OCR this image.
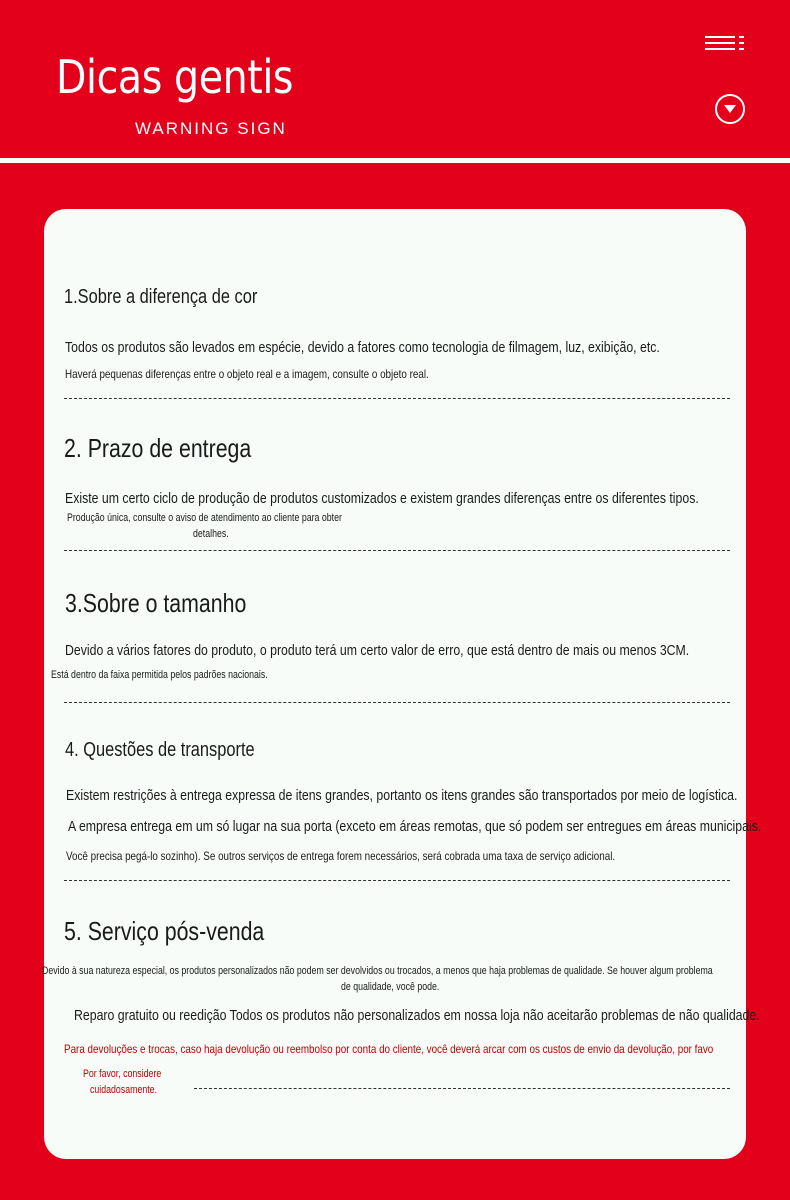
Dicas gentis
WARNING SIGN
1.Sobre a diferença de cor
Todos os produtos são levados em espécie, devido a fatores como tecnologia de filmagem, luz, exibição, etc.
Haverá pequenas diferenças entre o objeto real e a imagem, consulte o objeto real.
2. Prazo de entrega
Existe um certo ciclo de produção de produtos customizados e existem grandes diferenças entre os diferentes tipos.
Produção única, consulte o aviso de atendimento ao cliente para obter
detalhes.
3.Sobre o tamanho
Devido a vários fatores do produto, o produto terá um certo valor de erro, que está dentro de mais ou menos 3CM.
Está dentro da faixa permitida pelos padrões nacionais.
4. Questões de transporte
Existem restrições à entrega expressa de itens grandes, portanto os itens grandes são transportados por meio de logística.
A empresa entrega em um só lugar na sua porta (exceto em áreas remotas, que só podem ser entregues em áreas municipais.
Você precisa pegá-lo sozinho). Se outros serviços de entrega forem necessários, será cobrada uma taxa de serviço adicional.
5. Serviço pós-venda
Devido à sua natureza especial, os produtos personalizados não podem ser devolvidos ou trocados, a menos que haja problemas de qualidade. Se houver algum problema
de qualidade, você pode.
Reparo gratuito ou reedição Todos os produtos não personalizados em nossa loja não aceitarão problemas de não qualidade.
Para devoluções e trocas, caso haja devolução ou reembolso por conta do cliente, você deverá arcar com os custos de envio da devolução, por favo
Por favor, considere
cuidadosamente.
